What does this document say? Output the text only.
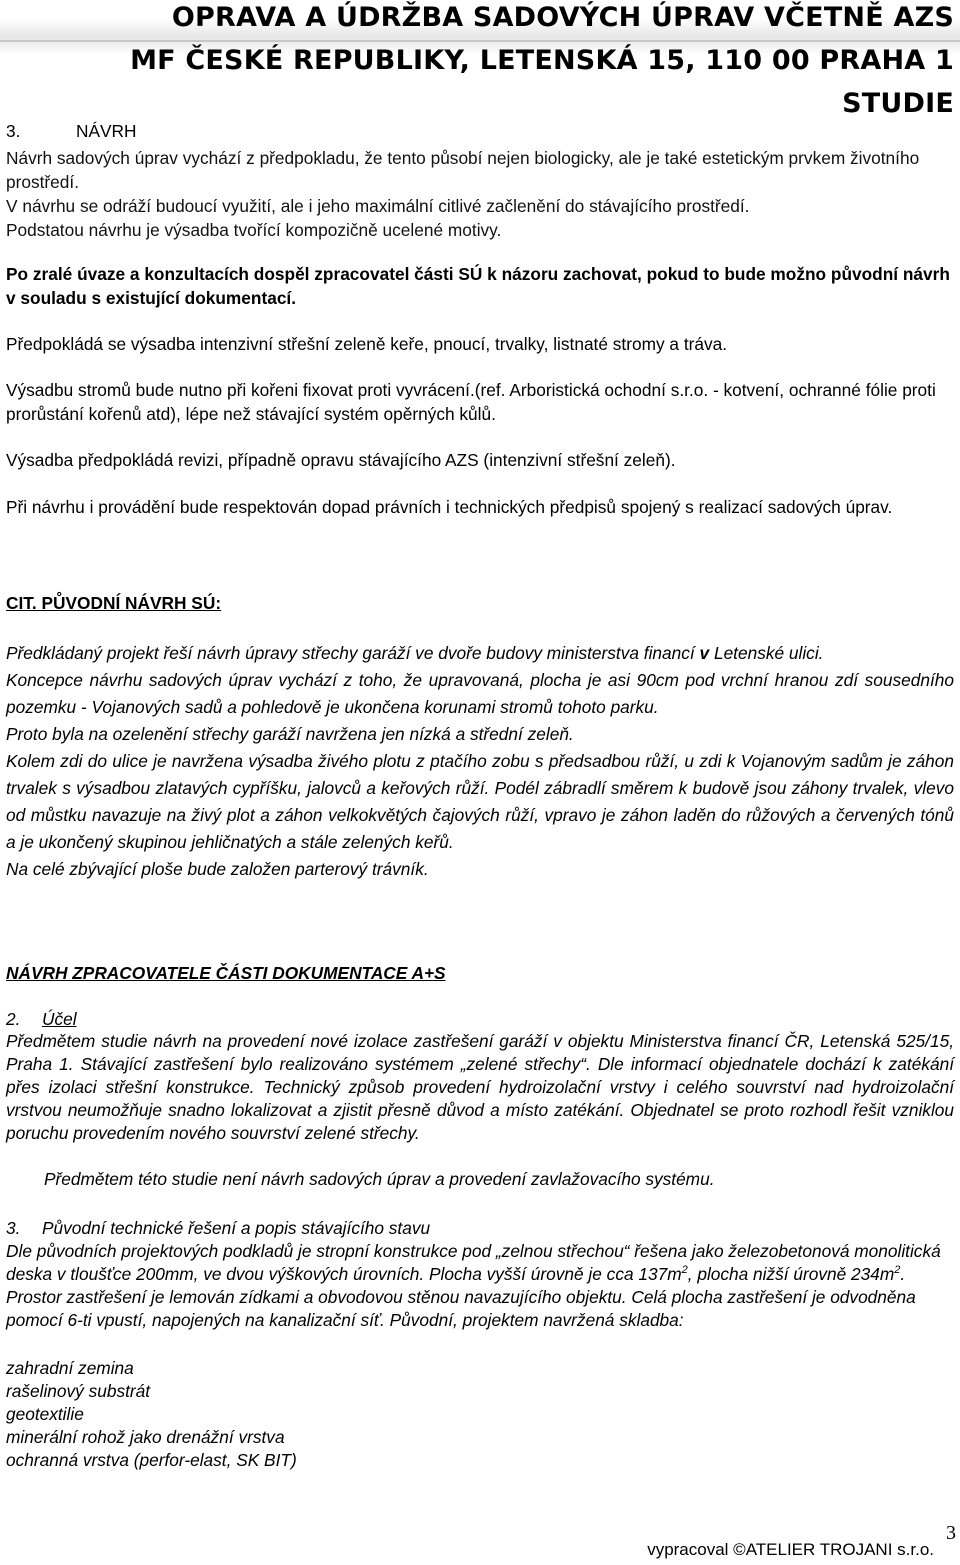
OPRAVA A ÚDRŽBA SADOVÝCH ÚPRAV VČETNĚ AZS
MF ČESKÉ REPUBLIKY, LETENSKÁ 15, 110 00 PRAHA 1
STUDIE

3.	NÁVRH

Návrh sadových úprav vychází z předpokladu, že tento působí nejen biologicky, ale je také estetickým prvkem životního prostředí.

V návrhu se odráží budoucí využití, ale i jeho maximální citlivé začlenění do stávajícího prostředí.

Podstatou návrhu je výsadba tvořící kompozičně ucelené motivy.

Po zralé úvaze a konzultacích dospěl zpracovatel části SÚ k názoru zachovat, pokud to bude možno původní návrh v souladu s existující dokumentací.
Předpokládá se výsadba intenzivní střešní zeleně keře, pnoucí, trvalky, listnaté stromy a tráva.
Výsadbu stromů bude nutno při kořeni fixovat proti vyvrácení.(ref. Arboristická ochodní s.r.o. - kotvení, ochranné fólie proti prorůstání kořenů atd), lépe než stávající systém opěrných kůlů.
Výsadba předpokládá revizi, případně opravu stávajícího AZS (intenzivní střešní zeleň).
Při návrhu i provádění bude respektován dopad právních i technických předpisů spojený s realizací sadových úprav.
CIT. PŮVODNÍ NÁVRH SÚ:

Předkládaný projekt řeší návrh úpravy střechy garáží ve dvoře budovy ministerstva financí v Letenské ulici.

Koncepce návrhu sadových úprav vychází z toho, že upravovaná, plocha je asi 90cm pod vrchní hranou zdí sousedního pozemku - Vojanových sadů a pohledově je ukončena korunami stromů tohoto parku.

Proto byla na ozelenění střechy garáží navržena jen nízká a střední zeleň.

Kolem zdi do ulice je navržena výsadba živého plotu z ptačího zobu s předsadbou růží, u zdi k Vojanovým sadům je záhon trvalek s výsadbou zlatavých cypříšku, jalovců a keřových růží. Podél zábradlí směrem k budově jsou záhony trvalek, vlevo od můstku navazuje na živý plot a záhon velkokvětých čajových růží, vpravo je záhon laděn do růžových a červených tónů a je ukončený skupinou jehličnatých a stále zelených keřů.

Na celé zbývající ploše bude založen parterový trávník.

NÁVRH ZPRACOVATELE ČÁSTI DOKUMENTACE A+S
2. Účel
Předmětem studie návrh na provedení nové izolace zastřešení garáží v objektu Ministerstva financí ČR, Letenská 525/15, Praha 1. Stávající zastřešení bylo realizováno systémem „zelené střechy“. Dle informací objednatele dochází k zatékání přes izolaci střešní konstrukce. Technický způsob provedení hydroizolační vrstvy i celého souvrství nad hydroizolační vrstvou neumožňuje snadno lokalizovat a zjistit přesně důvod a místo zatékání. Objednatel se proto rozhodl řešit vzniklou poruchu provedením nového souvrství zelené střechy.
Předmětem této studie není návrh sadových úprav a provedení zavlažovacího systému.
3. Původní technické řešení a popis stávajícího stavu
Dle původních projektových podkladů je stropní konstrukce pod „zelnou střechou“ řešena jako železobetonová monolitická deska v tloušťce 200mm, ve dvou výškových úrovních. Plocha vyšší úrovně je cca $137m^2$, plocha nižší úrovně $234m^2$. Prostor zastřešení je lemován zídkami a obvodovou stěnou navazujícího objektu. Celá plocha zastřešení je odvodněna pomocí 6-ti vpustí, napojených na kanalizační síť. Původní, projektem navržená skladba:

zahradní zemina

rašelinový substrát

geotextilie

minerální rohož jako drenážní vrstva

ochranná vrstva (perfor-elast, SK BIT)

3
vypracoval ©ATELIER TROJANI s.r.o.
